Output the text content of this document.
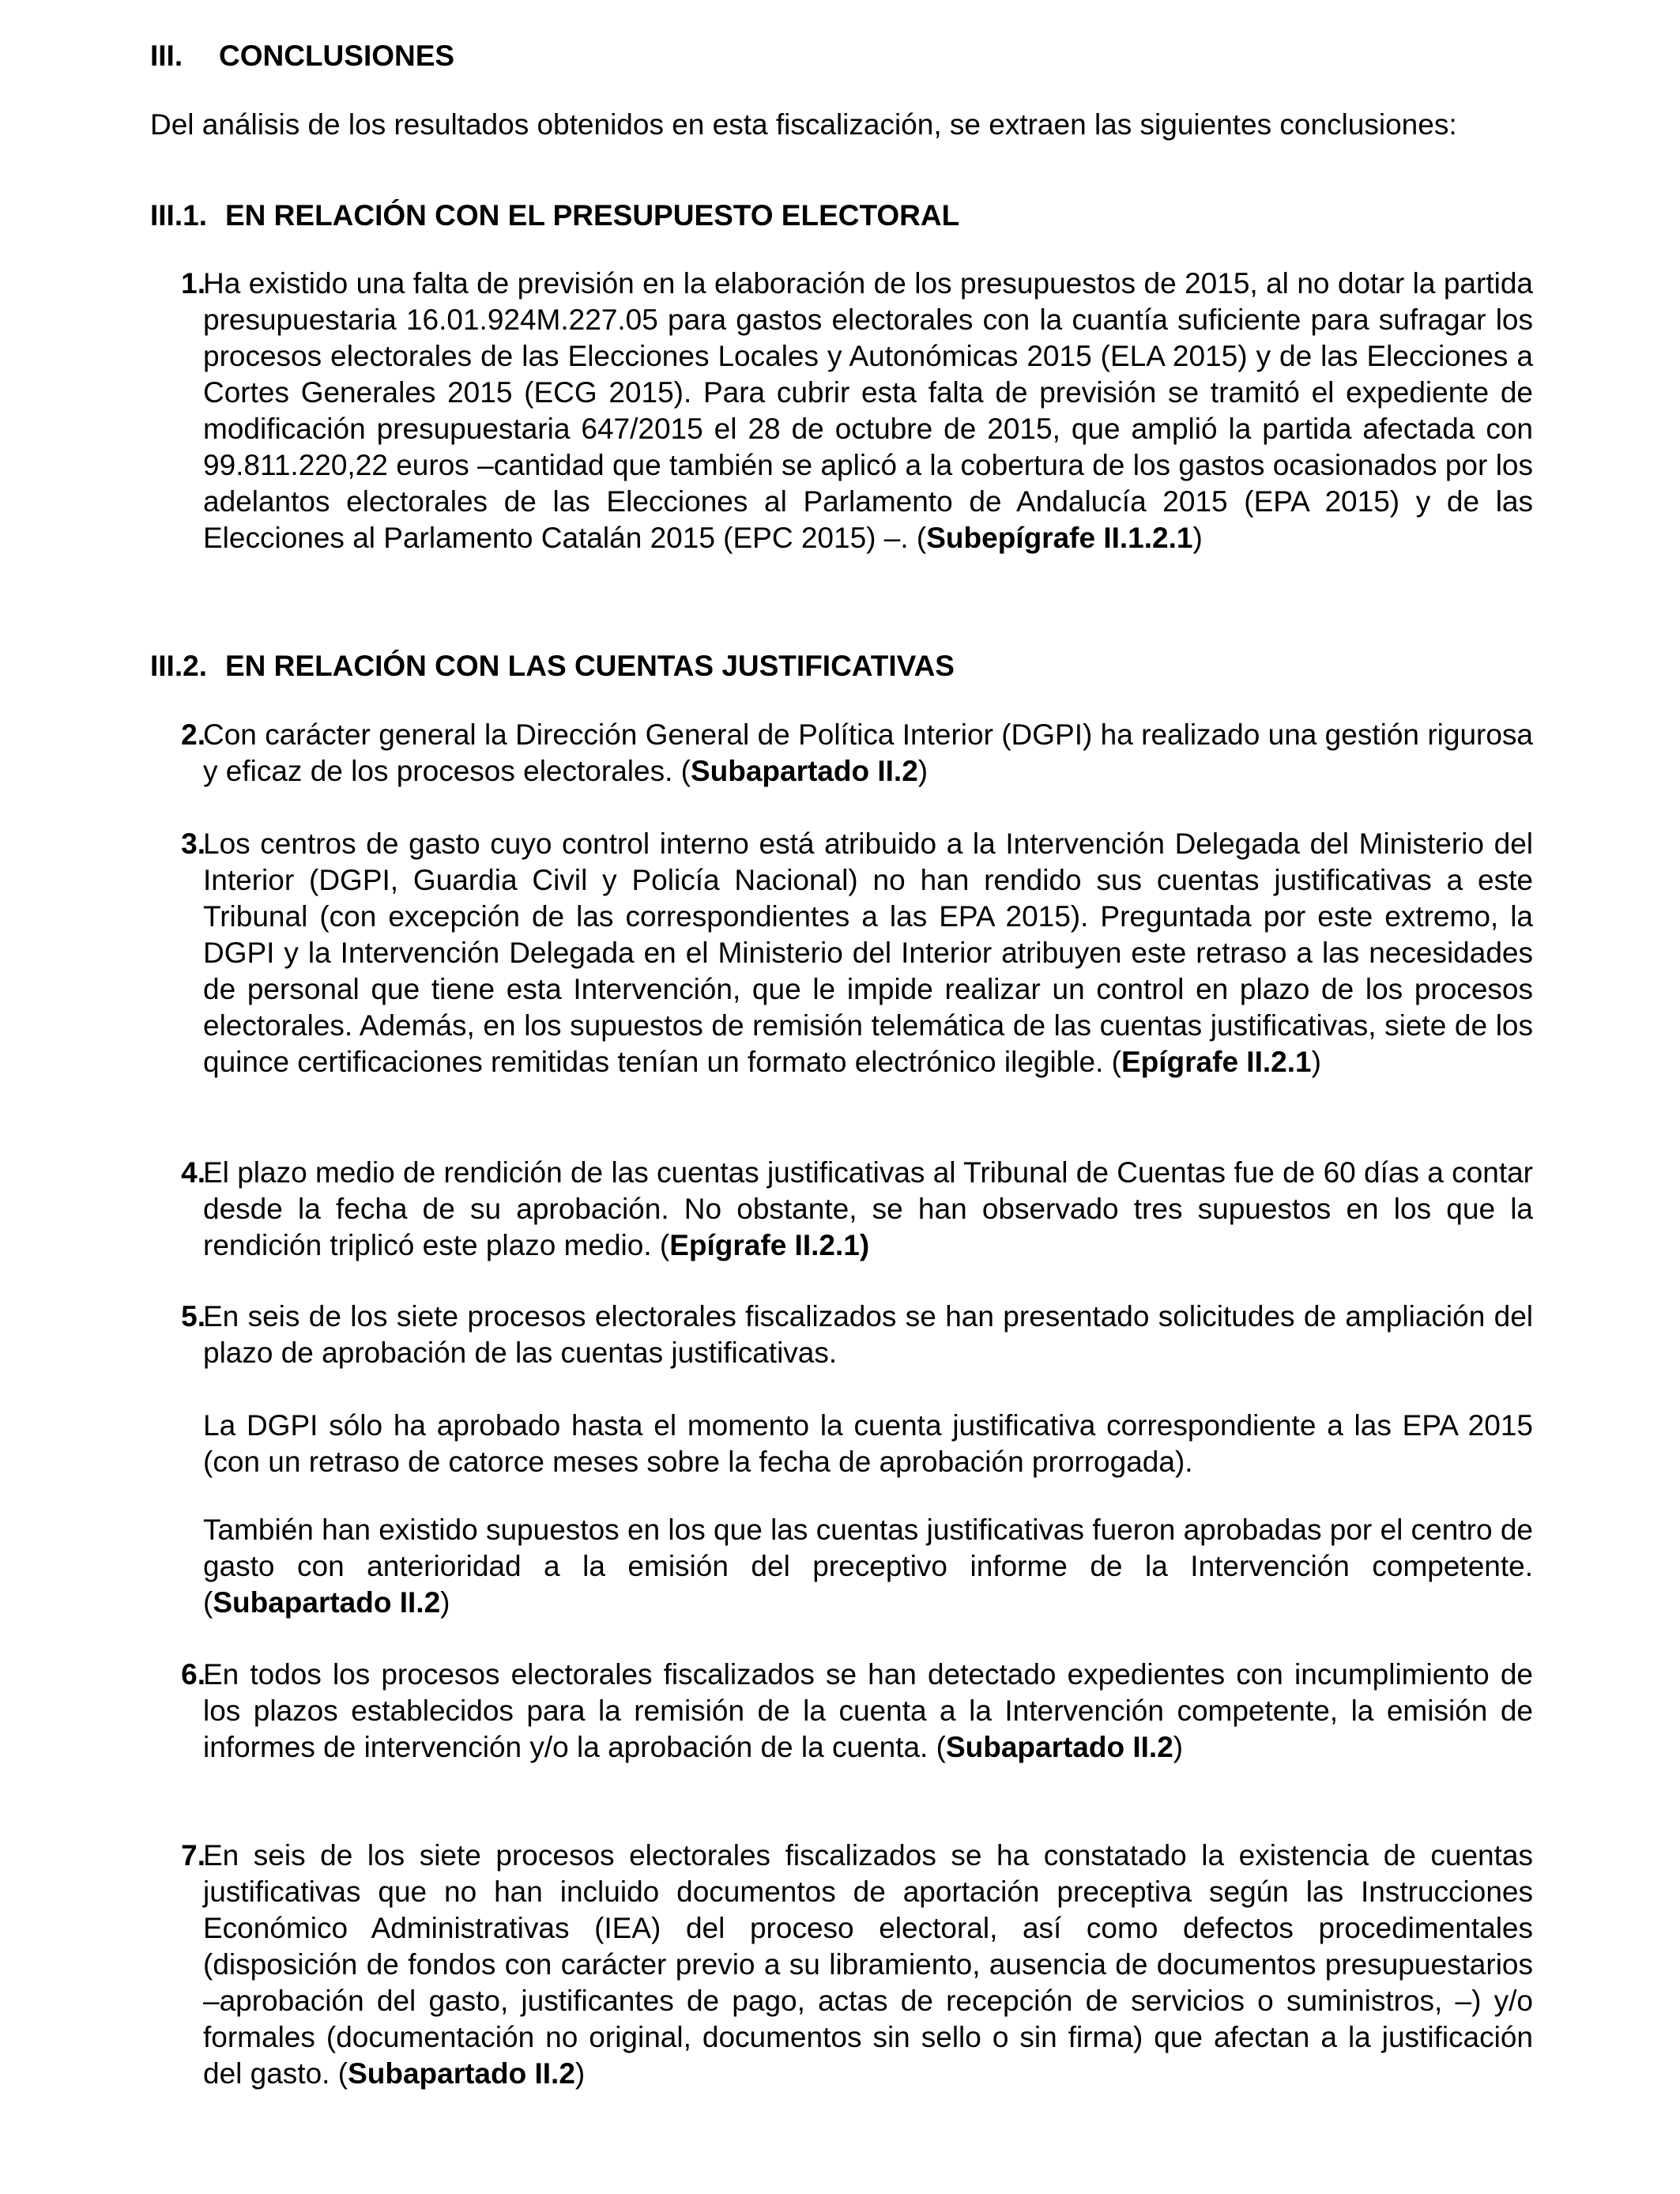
III. CONCLUSIONES
Del análisis de los resultados obtenidos en esta fiscalización, se extraen las siguientes conclusiones:
III.1. EN RELACIÓN CON EL PRESUPUESTO ELECTORAL
1.
Ha existido una falta de previsión en la elaboración de los presupuestos de 2015, al no dotar la partida presupuestaria 16.01.924M.227.05 para gastos electorales con la cuantía suficiente para sufragar los procesos electorales de las Elecciones Locales y Autonómicas 2015 (ELA 2015) y de las Elecciones a Cortes Generales 2015 (ECG 2015). Para cubrir esta falta de previsión se tramitó el expediente de modificación presupuestaria 647/2015 el 28 de octubre de 2015, que amplió la partida afectada con 99.811.220,22 euros –cantidad que también se aplicó a la cobertura de los gastos ocasionados por los adelantos electorales de las Elecciones al Parlamento de Andalucía 2015 (EPA 2015) y de las Elecciones al Parlamento Catalán 2015 (EPC 2015) –. (Subepígrafe II.1.2.1)
III.2. EN RELACIÓN CON LAS CUENTAS JUSTIFICATIVAS
2.
Con carácter general la Dirección General de Política Interior (DGPI) ha realizado una gestión rigurosa y eficaz de los procesos electorales. (Subapartado II.2)
3.
Los centros de gasto cuyo control interno está atribuido a la Intervención Delegada del Ministerio del Interior (DGPI, Guardia Civil y Policía Nacional) no han rendido sus cuentas justificativas a este Tribunal (con excepción de las correspondientes a las EPA 2015). Preguntada por este extremo, la DGPI y la Intervención Delegada en el Ministerio del Interior atribuyen este retraso a las necesidades de personal que tiene esta Intervención, que le impide realizar un control en plazo de los procesos electorales. Además, en los supuestos de remisión telemática de las cuentas justificativas, siete de los quince certificaciones remitidas tenían un formato electrónico ilegible. (Epígrafe II.2.1)
4.
El plazo medio de rendición de las cuentas justificativas al Tribunal de Cuentas fue de 60 días a contar desde la fecha de su aprobación. No obstante, se han observado tres supuestos en los que la rendición triplicó este plazo medio. (Epígrafe II.2.1)
5.
En seis de los siete procesos electorales fiscalizados se han presentado solicitudes de ampliación del plazo de aprobación de las cuentas justificativas.
La DGPI sólo ha aprobado hasta el momento la cuenta justificativa correspondiente a las EPA 2015 (con un retraso de catorce meses sobre la fecha de aprobación prorrogada).
También han existido supuestos en los que las cuentas justificativas fueron aprobadas por el centro de gasto con anterioridad a la emisión del preceptivo informe de la Intervención competente. (Subapartado II.2)
6.
En todos los procesos electorales fiscalizados se han detectado expedientes con incumplimiento de los plazos establecidos para la remisión de la cuenta a la Intervención competente, la emisión de informes de intervención y/o la aprobación de la cuenta. (Subapartado II.2)
7.
En seis de los siete procesos electorales fiscalizados se ha constatado la existencia de cuentas justificativas que no han incluido documentos de aportación preceptiva según las Instrucciones Económico Administrativas (IEA) del proceso electoral, así como defectos procedimentales (disposición de fondos con carácter previo a su libramiento, ausencia de documentos presupuestarios –aprobación del gasto, justificantes de pago, actas de recepción de servicios o suministros, –) y/o formales (documentación no original, documentos sin sello o sin firma) que afectan a la justificación del gasto. (Subapartado II.2)
